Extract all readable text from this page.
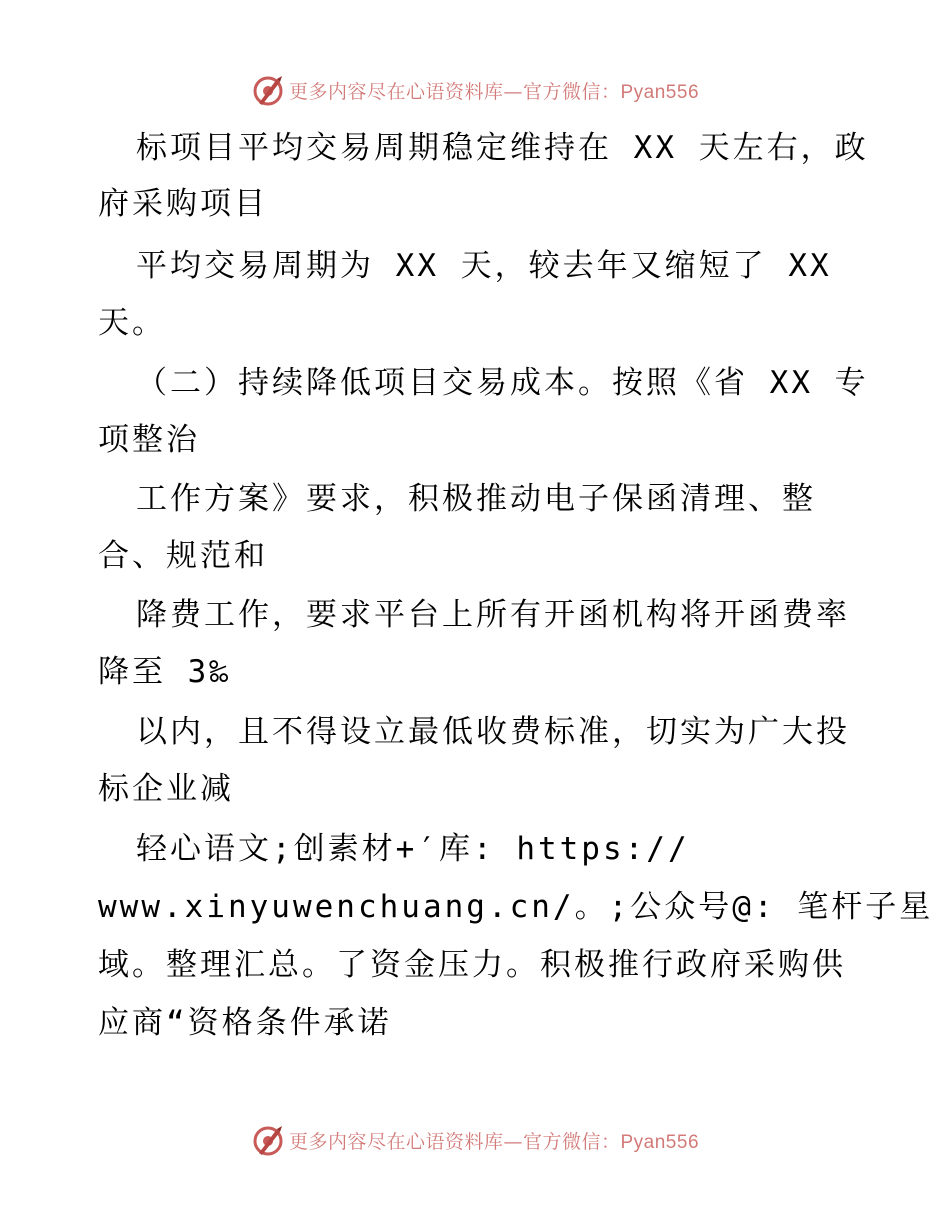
更多内容尽在心语资料库—官方微信：Pyan556
标项目平均交易周期稳定维持在 XX 天左右，政
府采购项目
平均交易周期为 XX 天，较去年又缩短了 XX
天。
（二）持续降低项目交易成本。按照《省 XX 专
项整治
工作方案》要求，积极推动电子保函清理、整
合、规范和
降费工作，要求平台上所有开函机构将开函费率
降至 3‰
以内，且不得设立最低收费标准，切实为广大投
标企业减
轻心语文;创素材+′库: https://
www.xinyuwenchuang.cn/。;公众号@: 笔杆子星
域。整理汇总。了资金压力。积极推行政府采购供
应商“资格条件承诺
更多内容尽在心语资料库—官方微信：Pyan556
